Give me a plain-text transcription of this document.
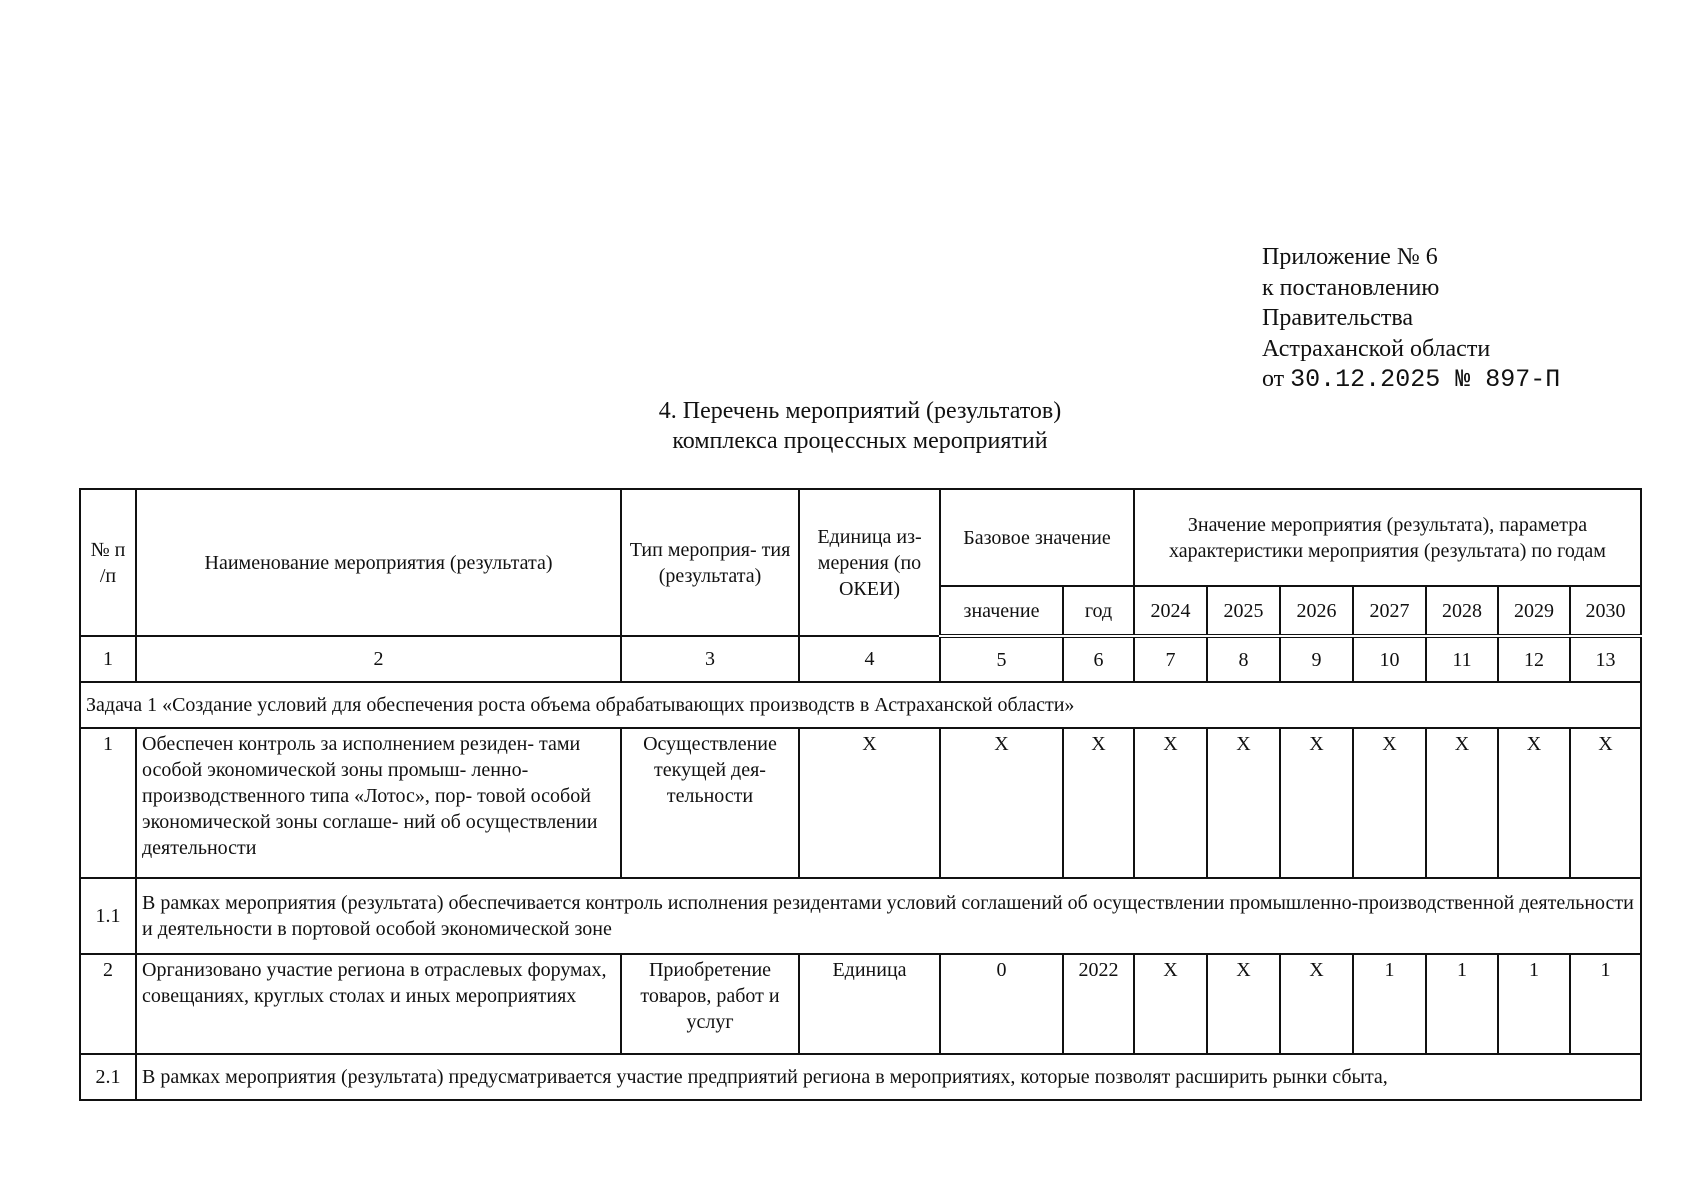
Приложение № 6
к постановлению
Правительства
Астраханской области
от 30.12.2025 № 897-П
4. Перечень мероприятий (результатов)
комплекса процессных мероприятий
№ п /п	Наименование мероприятия (результата)	Тип мероприя- тия (результата)	Единица из- мерения (по ОКЕИ)	Базовое значение		Значение мероприятия (результата), параметра характеристики мероприятия (результата) по годам						
				значение	год	2024	2025	2026	2027	2028	2029	2030
1	2	3	4	5	6	7	8	9	10	11	12	13
Задача 1 «Создание условий для обеспечения роста объема обрабатывающих производств в Астраханской области»												
1	Обеспечен контроль за исполнением резиден- тами особой экономической зоны промыш- ленно-производственного типа «Лотос», пор- товой особой экономической зоны соглаше- ний об осуществлении деятельности	Осуществление текущей дея- тельности	X	X	X	X	X	X	X	X	X	X
1.1	В рамках мероприятия (результата) обеспечивается контроль исполнения резидентами условий соглашений об осуществлении промышленно-производственной деятельности и деятельности в портовой особой экономической зоне											
2	Организовано участие региона в отраслевых форумах, совещаниях, круглых столах и иных мероприятиях	Приобретение товаров, работ и услуг	Единица	0	2022	X	X	X	1	1	1	1
2.1	В рамках мероприятия (результата) предусматривается участие предприятий региона в мероприятиях, которые позволят расширить рынки сбыта,											
